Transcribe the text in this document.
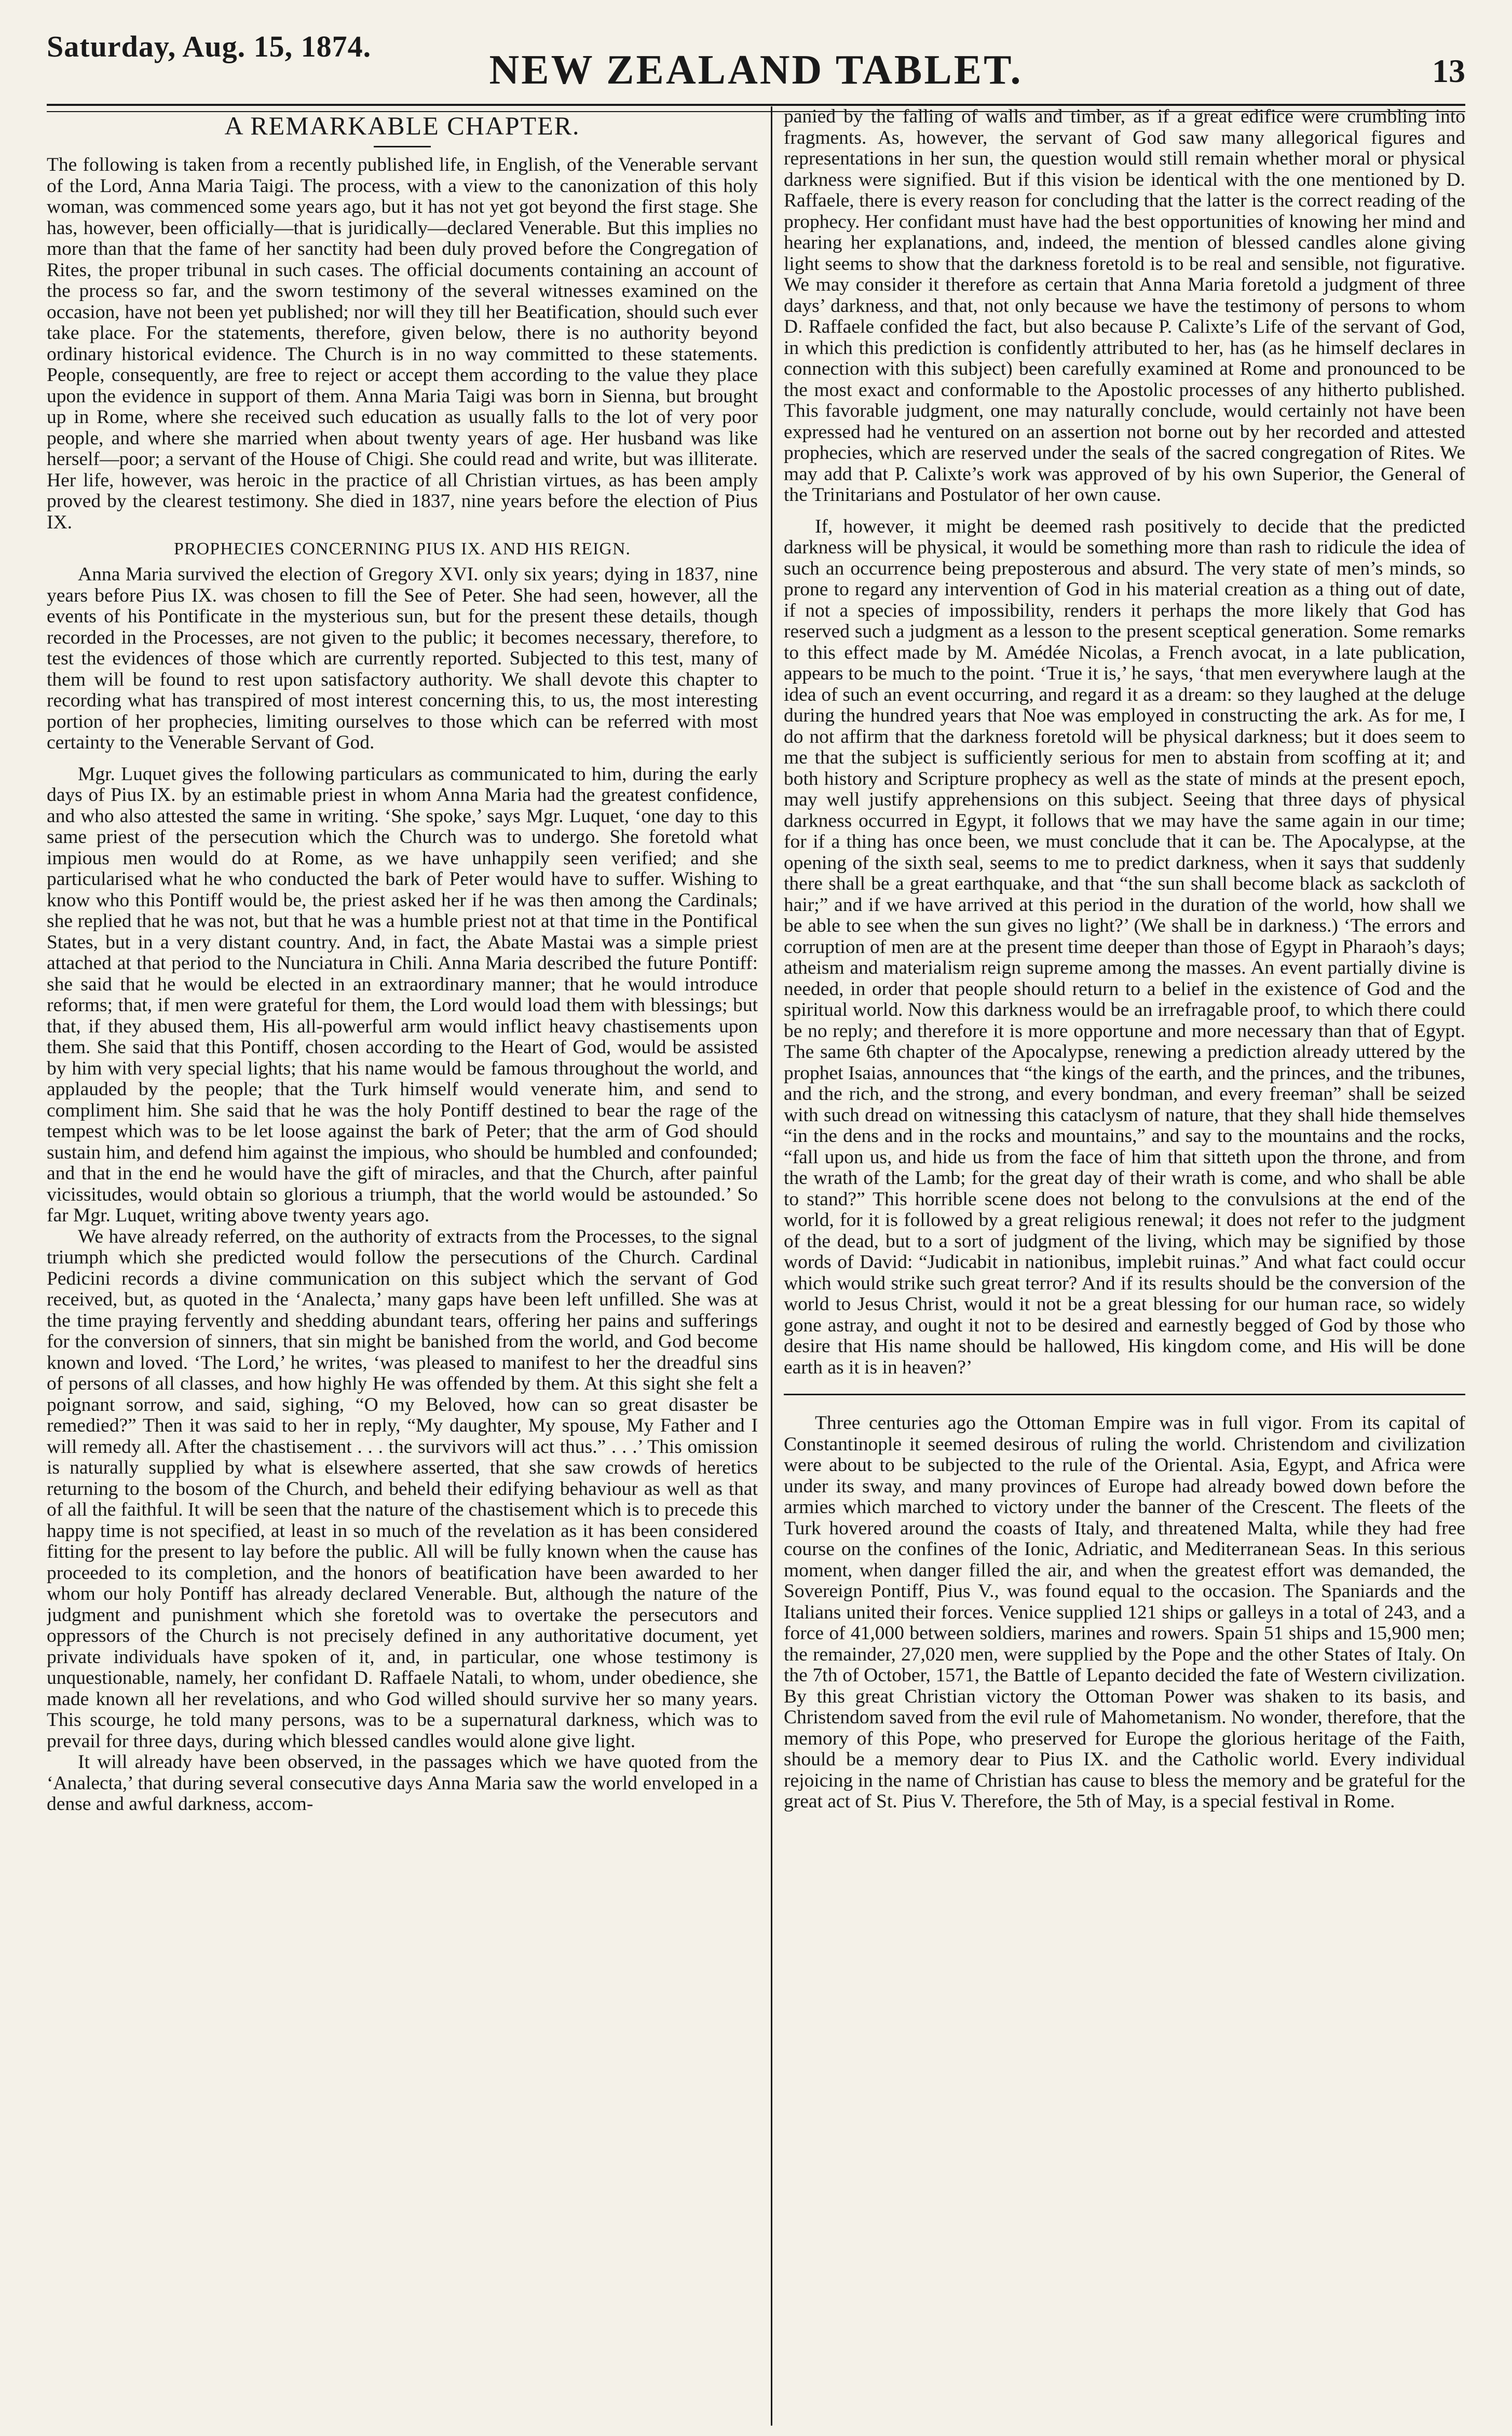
Saturday, Aug. 15, 1874.
NEW ZEALAND TABLET.	13
A REMARKABLE CHAPTER.

The following is taken from a recently published life, in English, of the Venerable servant of the Lord, Anna Maria Taigi. The process, with a view to the canonization of this holy woman, was commenced some years ago, but it has not yet got beyond the first stage. She has, however, been officially—that is juridically—declared Venerable. But this implies no more than that the fame of her sanctity had been duly proved before the Congregation of Rites, the proper tribunal in such cases. The official documents containing an account of the process so far, and the sworn testimony of the several witnesses examined on the occasion, have not been yet published; nor will they till her Beatification, should such ever take place. For the statements, therefore, given below, there is no authority beyond ordinary historical evidence. The Church is in no way committed to these statements. People, consequently, are free to reject or accept them according to the value they place upon the evidence in support of them. Anna Maria Taigi was born in Sienna, but brought up in Rome, where she received such education as usually falls to the lot of very poor people, and where she married when about twenty years of age. Her husband was like herself—poor; a servant of the House of Chigi. She could read and write, but was illiterate. Her life, however, was heroic in the practice of all Christian virtues, as has been amply proved by the clearest testimony. She died in 1837, nine years before the election of Pius IX.

PROPHECIES CONCERNING PIUS IX. AND HIS REIGN.

Anna Maria survived the election of Gregory XVI. only six years; dying in 1837, nine years before Pius IX. was chosen to fill the See of Peter. She had seen, however, all the events of his Pontificate in the mysterious sun, but for the present these details, though recorded in the Processes, are not given to the public; it becomes necessary, therefore, to test the evidences of those which are currently reported. Subjected to this test, many of them will be found to rest upon satisfactory authority. We shall devote this chapter to recording what has transpired of most interest concerning this, to us, the most interesting portion of her prophecies, limiting ourselves to those which can be referred with most certainty to the Venerable Servant of God.

Mgr. Luquet gives the following particulars as communicated to him, during the early days of Pius IX. by an estimable priest in whom Anna Maria had the greatest confidence, and who also attested the same in writing. ‘She spoke,’ says Mgr. Luquet, ‘one day to this same priest of the persecution which the Church was to undergo. She foretold what impious men would do at Rome, as we have unhappily seen verified; and she particularised what he who conducted the bark of Peter would have to suffer. Wishing to know who this Pontiff would be, the priest asked her if he was then among the Cardinals; she replied that he was not, but that he was a humble priest not at that time in the Pontifical States, but in a very distant country. And, in fact, the Abate Mastai was a simple priest attached at that period to the Nunciatura in Chili. Anna Maria described the future Pontiff: she said that he would be elected in an extraordinary manner; that he would introduce reforms; that, if men were grateful for them, the Lord would load them with blessings; but that, if they abused them, His all-powerful arm would inflict heavy chastisements upon them. She said that this Pontiff, chosen according to the Heart of God, would be assisted by him with very special lights; that his name would be famous throughout the world, and applauded by the people; that the Turk himself would venerate him, and send to compliment him. She said that he was the holy Pontiff destined to bear the rage of the tempest which was to be let loose against the bark of Peter; that the arm of God should sustain him, and defend him against the impious, who should be humbled and confounded; and that in the end he would have the gift of miracles, and that the Church, after painful vicissitudes, would obtain so glorious a triumph, that the world would be astounded.’ So far Mgr. Luquet, writing above twenty years ago.

We have already referred, on the authority of extracts from the Processes, to the signal triumph which she predicted would follow the persecutions of the Church. Cardinal Pedicini records a divine communication on this subject which the servant of God received, but, as quoted in the ‘Analecta,’ many gaps have been left unfilled. She was at the time praying fervently and shedding abundant tears, offering her pains and sufferings for the conversion of sinners, that sin might be banished from the world, and God become known and loved. ‘The Lord,’ he writes, ‘was pleased to manifest to her the dreadful sins of persons of all classes, and how highly He was offended by them. At this sight she felt a poignant sorrow, and said, sighing, “O my Beloved, how can so great disaster be remedied?” Then it was said to her in reply, “My daughter, My spouse, My Father and I will remedy all. After the chastisement . . . the survivors will act thus.” . . .’ This omission is naturally supplied by what is elsewhere asserted, that she saw crowds of heretics returning to the bosom of the Church, and beheld their edifying behaviour as well as that of all the faithful. It will be seen that the nature of the chastisement which is to precede this happy time is not specified, at least in so much of the revelation as it has been considered fitting for the present to lay before the public. All will be fully known when the cause has proceeded to its completion, and the honors of beatification have been awarded to her whom our holy Pontiff has already declared Venerable. But, although the nature of the judgment and punishment which she foretold was to overtake the persecutors and oppressors of the Church is not precisely defined in any authoritative document, yet private individuals have spoken of it, and, in particular, one whose testimony is unquestionable, namely, her confidant D. Raffaele Natali, to whom, under obedience, she made known all her revelations, and who God willed should survive her so many years. This scourge, he told many persons, was to be a supernatural darkness, which was to prevail for three days, during which blessed candles would alone give light.

It will already have been observed, in the passages which we have quoted from the ‘Analecta,’ that during several consecutive days Anna Maria saw the world enveloped in a dense and awful darkness, accom-

panied by the falling of walls and timber, as if a great edifice were crumbling into fragments. As, however, the servant of God saw many allegorical figures and representations in her sun, the question would still remain whether moral or physical darkness were signified. But if this vision be identical with the one mentioned by D. Raffaele, there is every reason for concluding that the latter is the correct reading of the prophecy. Her confidant must have had the best opportunities of knowing her mind and hearing her explanations, and, indeed, the mention of blessed candles alone giving light seems to show that the darkness foretold is to be real and sensible, not figurative. We may consider it therefore as certain that Anna Maria foretold a judgment of three days’ darkness, and that, not only because we have the testimony of persons to whom D. Raffaele confided the fact, but also because P. Calixte’s Life of the servant of God, in which this prediction is confidently attributed to her, has (as he himself declares in connection with this subject) been carefully examined at Rome and pronounced to be the most exact and conformable to the Apostolic processes of any hitherto published. This favorable judgment, one may naturally conclude, would certainly not have been expressed had he ventured on an assertion not borne out by her recorded and attested prophecies, which are reserved under the seals of the sacred congregation of Rites. We may add that P. Calixte’s work was approved of by his own Superior, the General of the Trinitarians and Postulator of her own cause.

If, however, it might be deemed rash positively to decide that the predicted darkness will be physical, it would be something more than rash to ridicule the idea of such an occurrence being preposterous and absurd. The very state of men’s minds, so prone to regard any intervention of God in his material creation as a thing out of date, if not a species of impossibility, renders it perhaps the more likely that God has reserved such a judgment as a lesson to the present sceptical generation. Some remarks to this effect made by M. Amédée Nicolas, a French avocat, in a late publication, appears to be much to the point. ‘True it is,’ he says, ‘that men everywhere laugh at the idea of such an event occurring, and regard it as a dream: so they laughed at the deluge during the hundred years that Noe was employed in constructing the ark. As for me, I do not affirm that the darkness foretold will be physical darkness; but it does seem to me that the subject is sufficiently serious for men to abstain from scoffing at it; and both history and Scripture prophecy as well as the state of minds at the present epoch, may well justify apprehensions on this subject. Seeing that three days of physical darkness occurred in Egypt, it follows that we may have the same again in our time; for if a thing has once been, we must conclude that it can be. The Apocalypse, at the opening of the sixth seal, seems to me to predict darkness, when it says that suddenly there shall be a great earthquake, and that “the sun shall become black as sackcloth of hair;” and if we have arrived at this period in the duration of the world, how shall we be able to see when the sun gives no light?’ (We shall be in darkness.) ‘The errors and corruption of men are at the present time deeper than those of Egypt in Pharaoh’s days; atheism and materialism reign supreme among the masses. An event partially divine is needed, in order that people should return to a belief in the existence of God and the spiritual world. Now this darkness would be an irrefragable proof, to which there could be no reply; and therefore it is more opportune and more necessary than that of Egypt. The same 6th chapter of the Apocalypse, renewing a prediction already uttered by the prophet Isaias, announces that “the kings of the earth, and the princes, and the tribunes, and the rich, and the strong, and every bondman, and every freeman” shall be seized with such dread on witnessing this cataclysm of nature, that they shall hide themselves “in the dens and in the rocks and mountains,” and say to the mountains and the rocks, “fall upon us, and hide us from the face of him that sitteth upon the throne, and from the wrath of the Lamb; for the great day of their wrath is come, and who shall be able to stand?” This horrible scene does not belong to the convulsions at the end of the world, for it is followed by a great religious renewal; it does not refer to the judgment of the dead, but to a sort of judgment of the living, which may be signified by those words of David: “Judicabit in nationibus, implebit ruinas.” And what fact could occur which would strike such great terror? And if its results should be the conversion of the world to Jesus Christ, would it not be a great blessing for our human race, so widely gone astray, and ought it not to be desired and earnestly begged of God by those who desire that His name should be hallowed, His kingdom come, and His will be done earth as it is in heaven?’

Three centuries ago the Ottoman Empire was in full vigor. From its capital of Constantinople it seemed desirous of ruling the world. Christendom and civilization were about to be subjected to the rule of the Oriental. Asia, Egypt, and Africa were under its sway, and many provinces of Europe had already bowed down before the armies which marched to victory under the banner of the Crescent. The fleets of the Turk hovered around the coasts of Italy, and threatened Malta, while they had free course on the confines of the Ionic, Adriatic, and Mediterranean Seas. In this serious moment, when danger filled the air, and when the greatest effort was demanded, the Sovereign Pontiff, Pius V., was found equal to the occasion. The Spaniards and the Italians united their forces. Venice supplied 121 ships or galleys in a total of 243, and a force of 41,000 between soldiers, marines and rowers. Spain 51 ships and 15,900 men; the remainder, 27,020 men, were supplied by the Pope and the other States of Italy. On the 7th of October, 1571, the Battle of Lepanto decided the fate of Western civilization. By this great Christian victory the Ottoman Power was shaken to its basis, and Christendom saved from the evil rule of Mahometanism. No wonder, therefore, that the memory of this Pope, who preserved for Europe the glorious heritage of the Faith, should be a memory dear to Pius IX. and the Catholic world. Every individual rejoicing in the name of Christian has cause to bless the memory and be grateful for the great act of St. Pius V. Therefore, the 5th of May, is a special festival in Rome.
